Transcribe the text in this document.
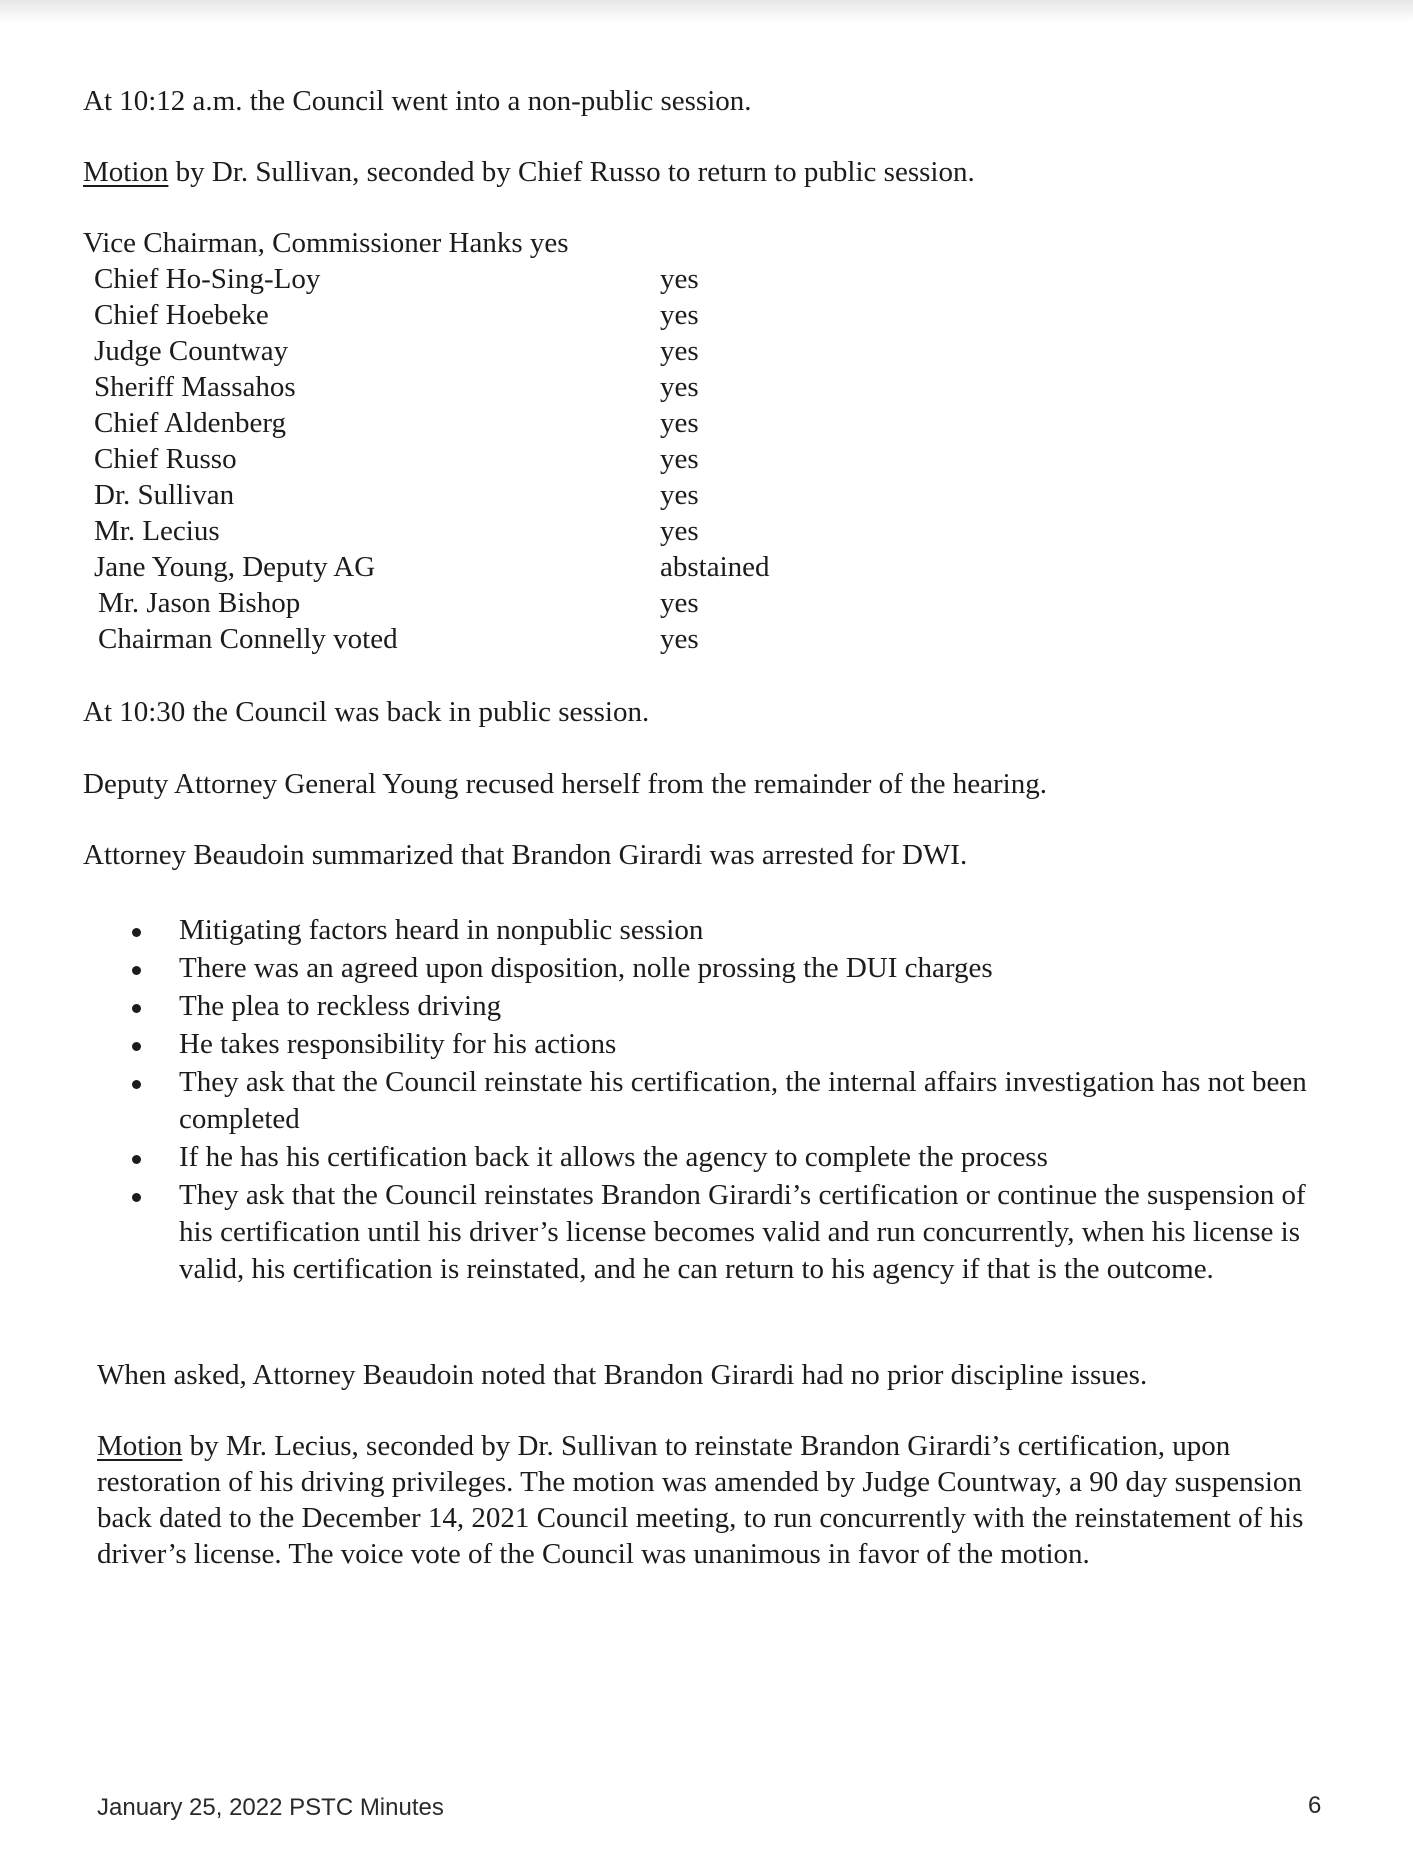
At 10:12 a.m. the Council went into a non-public session.
Motion by Dr. Sullivan, seconded by Chief Russo to return to public session.
Vice Chairman, Commissioner Hanks yes
Chief Ho-Sing-Loy	yes
Chief Hoebeke	yes
Judge Countway	yes
Sheriff Massahos	yes
Chief Aldenberg	yes
Chief Russo	yes
Dr. Sullivan	yes
Mr. Lecius	yes
Jane Young, Deputy AG	abstained
Mr. Jason Bishop	yes
Chairman Connelly voted	yes
At 10:30 the Council was back in public session.
Deputy Attorney General Young recused herself from the remainder of the hearing.
Attorney Beaudoin summarized that Brandon Girardi was arrested for DWI.
Mitigating factors heard in nonpublic session
There was an agreed upon disposition, nolle prossing the DUI charges
The plea to reckless driving
He takes responsibility for his actions
They ask that the Council reinstate his certification, the internal affairs investigation has not been completed
If he has his certification back it allows the agency to complete the process
They ask that the Council reinstates Brandon Girardi’s certification or continue the suspension of his certification until his driver’s license becomes valid and run concurrently, when his license is valid, his certification is reinstated, and he can return to his agency if that is the outcome.
When asked, Attorney Beaudoin noted that Brandon Girardi had no prior discipline issues.
Motion by Mr. Lecius, seconded by Dr. Sullivan to reinstate Brandon Girardi’s certification, upon restoration of his driving privileges. The motion was amended by Judge Countway, a 90 day suspension back dated to the December 14, 2021 Council meeting, to run concurrently with the reinstatement of his driver’s license. The voice vote of the Council was unanimous in favor of the motion.
January 25, 2022 PSTC Minutes	6
